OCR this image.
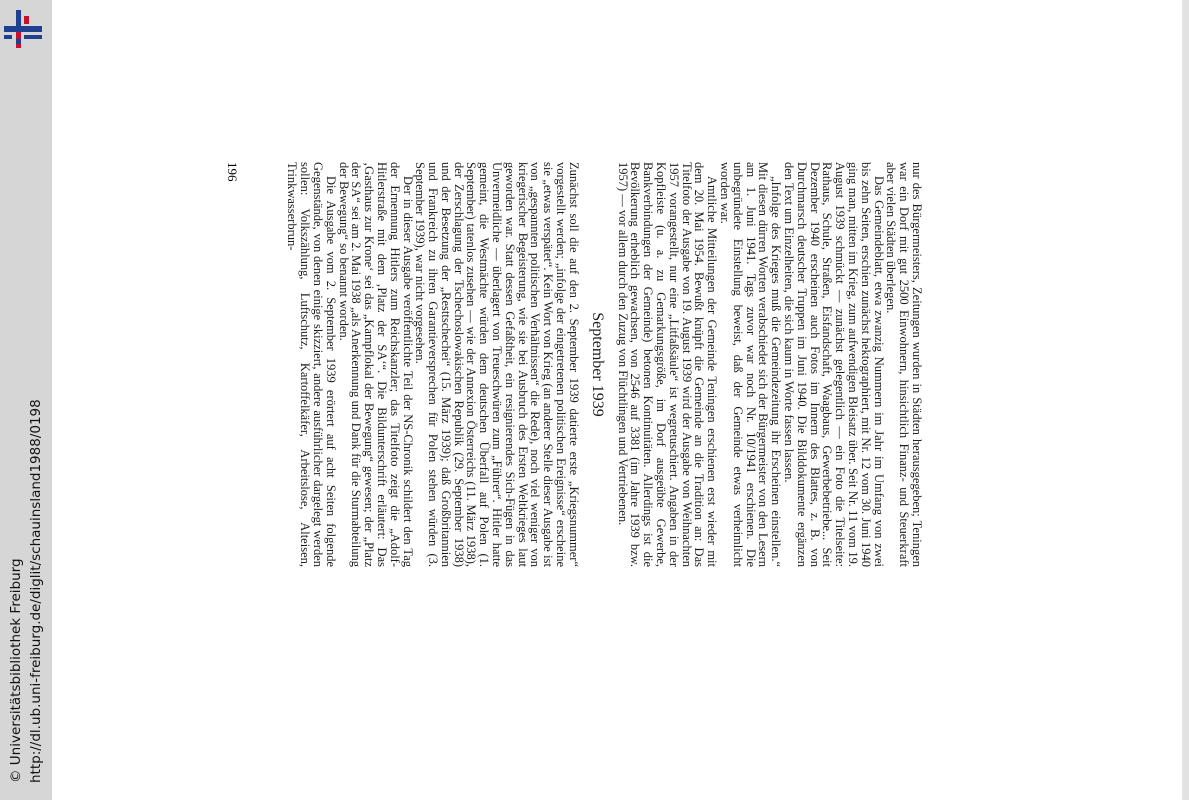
http://dl.ub.uni-freiburg.de/diglit/schauinsland1988/0198
© Universitätsbibliothek Freiburg

nur des Bürgermeisters, Zeitungen wurden in Städten herausgegeben; Teningen war ein Dorf mit gut 2500 Einwohnern, hinsichtlich Finanz- und Steuerkraft aber vielen Städten überlegen.

Das Gemeindeblatt, etwa zwanzig Nummern im Jahr im Umfang von zwei bis zehn Seiten, erschien zunächst hektographiert, mit Nr. 12 vom 30. Juni 1940 ging man, mitten im Krieg, zum aufwendigen Bleisatz über. Seit Nr. 11 vom 19. August 1939 schmückt — zunächst gelegentlich — ein Foto die Titelseite: Rathaus, Schule, Straßen, Eisfandschaft, Waagbaus, Gewerbebetriebe... Seit Dezember 1940 erscheinen auch Fotos im Innern des Blattes, z. B. von Durchmarsch deutscher Truppen im Juni 1940. Die Bilddokumente ergänzen den Text um Einzelheiten, die sich kaum in Worte fassen lassen.

„Infolge des Krieges muß die Gemeindezeitung ihr Erscheinen einstellen.“ Mit diesen dürren Worten verabschiedet sich der Bürgermeister von den Lesern am 1. Juni 1941. Tags zuvor war noch Nr. 10/1941 erschienen. Die unbegründete Einstellung beweist, daß der Gemeinde etwas verheimlicht worden war.

Amtliche Mitteilungen der Gemeinde Teningen erschienen erst wieder mit dem 20. Mai 1954. Bewußt knüpft die Gemeinde an die Tradition an: Das Titelfoto der Ausgabe von 19. August 1939 wird der Ausgabe von Weihnachten 1957 vorangestellt, nur eine „Litfaßsäule“ ist wegretuschiert. Angaben in der Kopfleiste (u. a. zu Gemarkungsgröße, im Dorf ausgeübte Gewerbe, Bankverbindungen der Gemeinde) betonen Kontinuitäten. Allerdings ist die Bevölkerung erheblich gewachsen, von 2546 auf 3381 (im Jahre 1939 bzw. 1957) — vor allem durch den Zuzug von Flüchtlingen und Vertriebenen.

September 1939

Zunächst soll die auf den 2. September 1939 datierte erste „Kriegsnummer“ vorgestellt werden; „infolge der eingetretenen politischen Ereignisse“ erscheine sie „etwas verspätet“. Kein Wort von Krieg (an anderer Stelle dieser Ausgabe ist von „gespannten politischen Verhältnissen“ die Rede), noch viel weniger von kriegerischer Begeisterung, wie sie bei Ausbruch des Ersten Weltkrieges laut geworden war. Statt dessen Gefaßtheit, ein resignierendes Sich-Fügen in das Unvermeidliche — überlagert von Treueschwüren zum „Führer“. Hitler hatte gemeint, die Westmächte würden dem deutschen Überfall auf Polen (1. September) tatenlos zusehen — wie der Annexion Österreichs (11. März 1938), der Zerschlagung der Tschechoslowakischen Republik (29. September 1938) und der Besetzung der „Resttschechei“ (15. März 1939); daß Großbritannien und Frankreich zu ihren Garantieversprechen für Polen stehen würden (3. September 1939), war nicht vorgesehen.

Der in dieser Ausgabe veröffentlichte Teil der NS-Chronik schildert den Tag der Ernennung Hitlers zum Reichskanzler; das Titelfoto zeigt die „Adolf-Hitlerstraße mit dem ‚Platz der SA‘“. Die Bildunterschrift erläutert: Das ‚Gasthaus zur Krone‘ sei das „Kampflokal der Bewegung“ gewesen; der „Platz der SA“ sei am 2. Mai 1938 „als Anerkennung und Dank für die Sturmabteilung der Bewegung“ so benannt worden.

Die Ausgabe vom 2. September 1939 erörtert auf acht Seiten folgende Gegenstände, von denen einige skizziert, andere ausführlicher dargelegt werden sollen: Volkszählung, Luftschutz, Kartoffelkäfer, Arbeitslose, Alteisen, Trinkwasserbrun-

196
